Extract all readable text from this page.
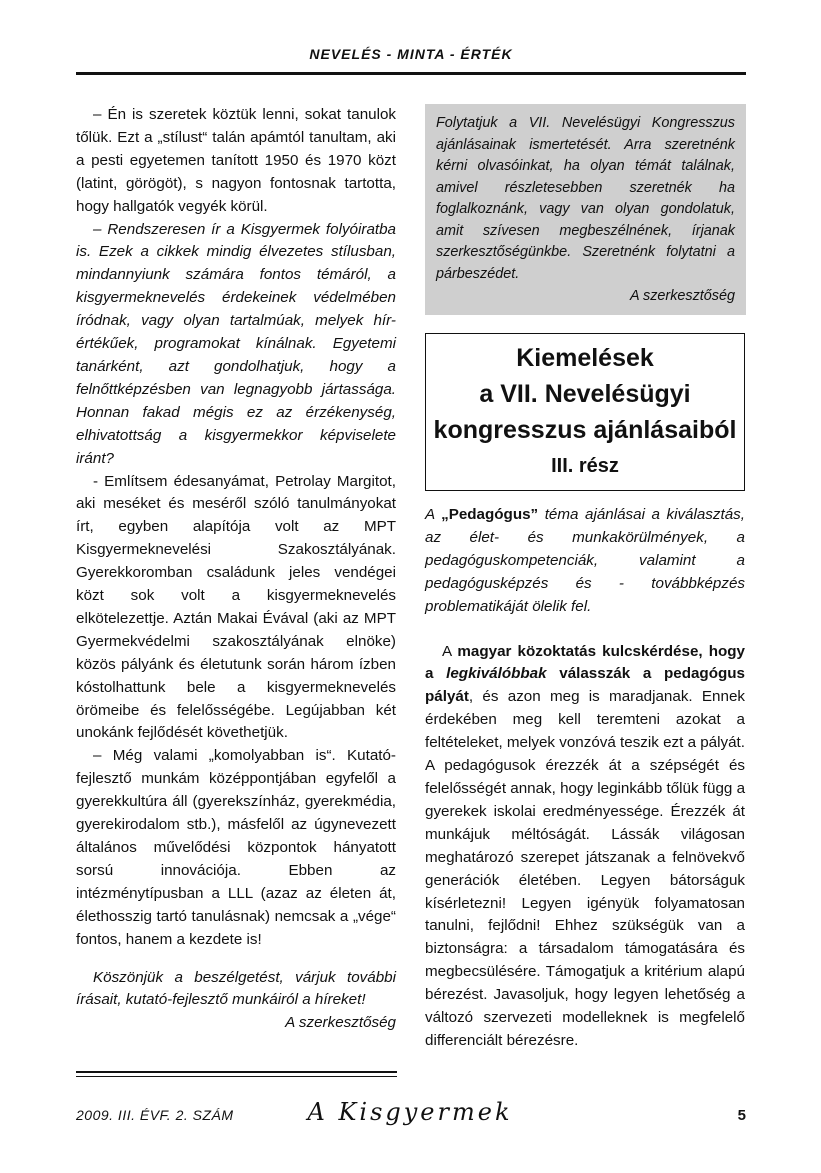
NEVELÉS - MINTA - ÉRTÉK

– Én is szeretek köztük lenni, sokat tanulok tőlük. Ezt a „stílust“ talán apámtól tanultam, aki a pesti egyetemen tanított 1950 és 1970 közt (latint, görögöt), s nagyon fontosnak tartotta, hogy hallgatók vegyék körül.

– Rendszeresen ír a Kisgyermek folyóiratba is. Ezek a cikkek mindig élvezetes stílusban, mindannyiunk számára fontos témáról, a kisgyermeknevelés érdekeinek védelmében íródnak, vagy olyan tartalmúak, melyek hír-értékűek, programokat kínálnak. Egyetemi tanárként, azt gondolhatjuk, hogy a felnőttképzésben van legnagyobb jártassága. Honnan fakad mégis ez az érzékenység, elhivatottság a kisgyermekkor képviselete iránt?

- Említsem édesanyámat, Petrolay Margitot, aki meséket és meséről szóló tanulmányokat írt, egyben alapítója volt az MPT Kisgyermeknevelési Szakosztályának. Gyerekkoromban családunk jeles vendégei közt sok volt a kisgyermeknevelés elkötelezettje. Aztán Makai Évával (aki az MPT Gyermekvédelmi szakosztályának elnöke) közös pályánk és életutunk során három ízben kóstolhattunk bele a kisgyermeknevelés örömeibe és felelősségébe. Legújabban két unokánk fejlődését követhetjük.

– Még valami „komolyabban is“. Kutató-fejlesztő munkám középpontjában egyfelől a gyerekkultúra áll (gyerekszínház, gyerekmédia, gyerekirodalom stb.), másfelől az úgynevezett általános művelődési központok hányatott sorsú innovációja. Ebben az intézménytípusban a LLL (azaz az életen át, élethosszig tartó tanulásnak) nemcsak a „vége“ fontos, hanem a kezdete is!

Köszönjük a beszélgetést, várjuk további írásait, kutató-fejlesztő munkáiról a híreket!

A szerkesztőség

Folytatjuk a VII. Nevelésügyi Kongresszus ajánlásainak ismertetését. Arra szeretnénk kérni olvasóinkat, ha olyan témát találnak, amivel részletesebben szeretnék ha foglalkoznánk, vagy van olyan gondolatuk, amit szívesen megbeszélnének, írjanak szerkesztőségünkbe. Szeretnénk folytatni a párbeszédet.

A szerkesztőség
Kiemelések
a VII. Nevelésügyi
kongresszus ajánlásaiból
III. rész

A „Pedagógus” téma ajánlásai a kiválasztás, az élet- és munkakörülmények, a pedagóguskompetenciák, valamint a pedagógusképzés és - továbbképzés problematikáját ölelik fel.

A magyar közoktatás kulcskérdése, hogy a legkiválóbbak válasszák a pedagógus pályát, és azon meg is maradjanak. Ennek érdekében meg kell teremteni azokat a feltételeket, melyek vonzóvá teszik ezt a pályát. A pedagógusok érezzék át a szépségét és felelősségét annak, hogy leginkább tőlük függ a gyerekek iskolai eredményessége. Érezzék át munkájuk méltóságát. Lássák világosan meghatározó szerepet játszanak a felnövekvő generációk életében. Legyen bátorságuk kísérletezni! Legyen igényük folyamatosan tanulni, fejlődni! Ehhez szükségük van a biztonságra: a társadalom támogatására és megbecsülésére. Támogatjuk a kritérium alapú bérezést. Javasoljuk, hogy legyen lehetőség a változó szervezeti modelleknek is megfelelő differenciált bérezésre.

2009. III. ÉVF. 2. SZÁM	A Kisgyermek	5
